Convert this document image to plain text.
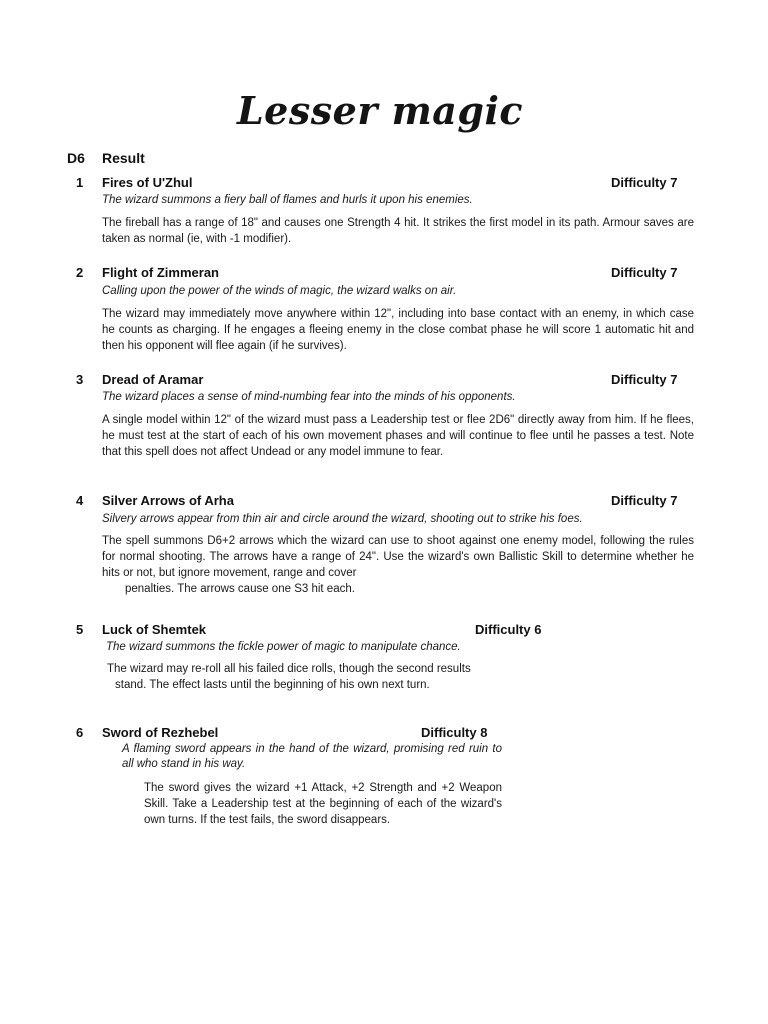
Lesser magic
D6 Result
1 Fires of U'Zhul	Difficulty 7
The wizard summons a fiery ball of flames and hurls it upon his enemies.
The fireball has a range of 18" and causes one Strength 4 hit. It strikes the first model in its path. Armour saves are taken as normal (ie, with -1 modifier).
2 Flight of Zimmeran	Difficulty 7
Calling upon the power of the winds of magic, the wizard walks on air.
The wizard may immediately move anywhere within 12", including into base contact with an enemy, in which case he counts as charging. If he engages a fleeing enemy in the close combat phase he will score 1 automatic hit and then his opponent will flee again (if he survives).
3 Dread of Aramar	Difficulty 7
The wizard places a sense of mind-numbing fear into the minds of his opponents.
A single model within 12" of the wizard must pass a Leadership test or flee 2D6" directly away from him. If he flees, he must test at the start of each of his own movement phases and will continue to flee until he passes a test. Note that this spell does not affect Undead or any model immune to fear.
4 Silver Arrows of Arha	Difficulty 7
Silvery arrows appear from thin air and circle around the wizard, shooting out to strike his foes.
The spell summons D6+2 arrows which the wizard can use to shoot against one enemy model, following the rules for normal shooting. The arrows have a range of 24". Use the wizard's own Ballistic Skill to determine whether he hits or not, but ignore movement, range and cover
penalties. The arrows cause one S3 hit each.
5 Luck of Shemtek	Difficulty 6
The wizard summons the fickle power of magic to manipulate chance.
The wizard may re-roll all his failed dice rolls, though the second results
stand. The effect lasts until the beginning of his own next turn.
6 Sword of Rezhebel	Difficulty 8
A flaming sword appears in the hand of the wizard, promising red ruin to all who stand in his way.
The sword gives the wizard +1 Attack, +2 Strength and +2 Weapon Skill. Take a Leadership test at the beginning of each of the wizard's own turns. If the test fails, the sword disappears.
